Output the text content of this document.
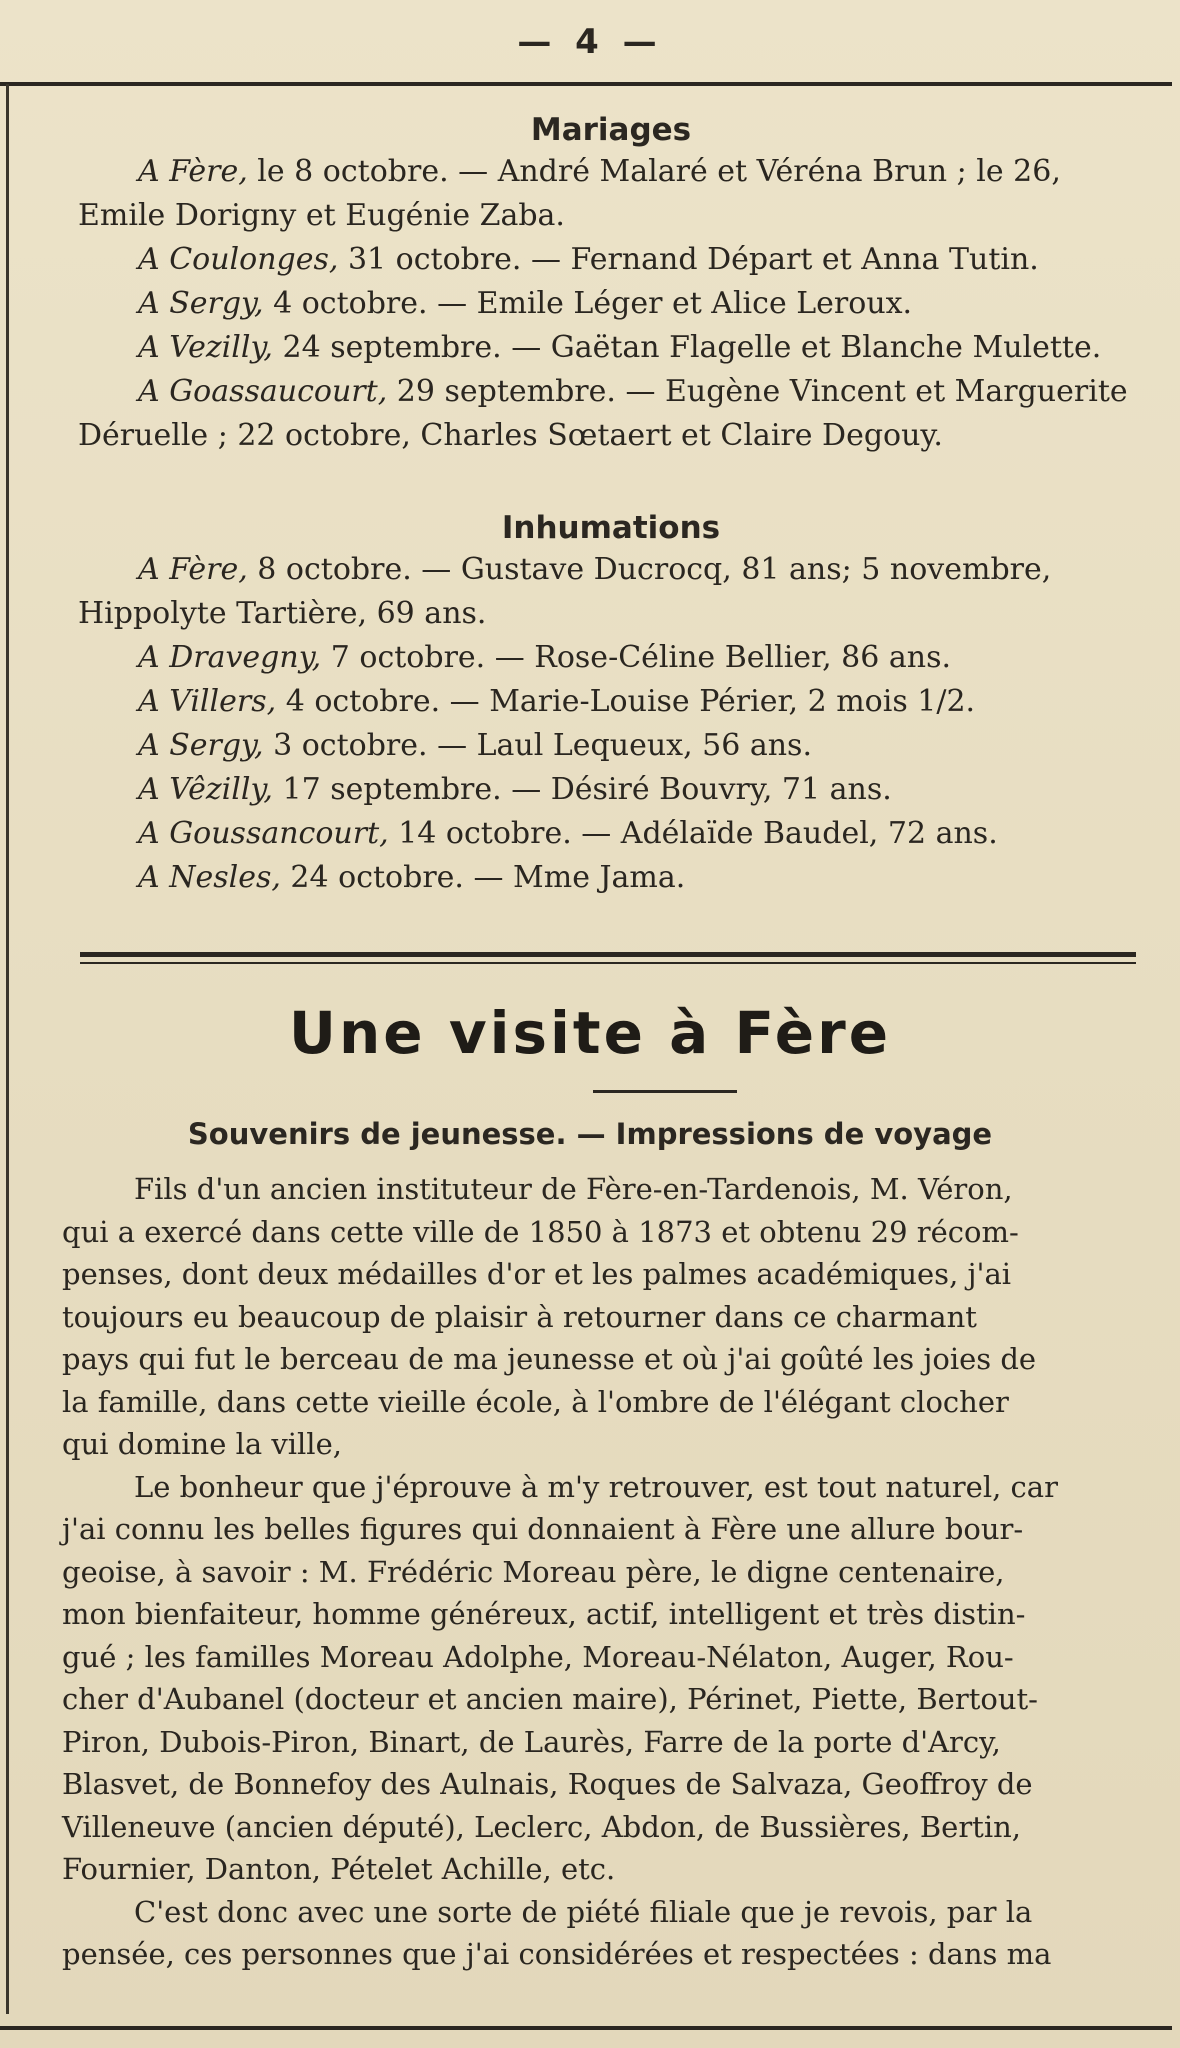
— 4 —
Mariages
A Fère, le 8 octobre. — André Malaré et Véréna Brun ; le 26,
Emile Dorigny et Eugénie Zaba.
A Coulonges, 31 octobre. — Fernand Départ et Anna Tutin.
A Sergy, 4 octobre. — Emile Léger et Alice Leroux.
A Vezilly, 24 septembre. — Gaëtan Flagelle et Blanche Mulette.
A Goassaucourt, 29 septembre. — Eugène Vincent et Marguerite
Déruelle ; 22 octobre, Charles Sœtaert et Claire Degouy.
Inhumations
A Fère, 8 octobre. — Gustave Ducrocq, 81 ans; 5 novembre,
Hippolyte Tartière, 69 ans.
A Dravegny, 7 octobre. — Rose-Céline Bellier, 86 ans.
A Villers, 4 octobre. — Marie-Louise Périer, 2 mois 1/2.
A Sergy, 3 octobre. — Laul Lequeux, 56 ans.
A Vêzilly, 17 septembre. — Désiré Bouvry, 71 ans.
A Goussancourt, 14 octobre. — Adélaïde Baudel, 72 ans.
A Nesles, 24 octobre. — Mme Jama.
Une visite à Fère
Souvenirs de jeunesse. — Impressions de voyage
Fils d'un ancien instituteur de Fère-en-Tardenois, M. Véron,
qui a exercé dans cette ville de 1850 à 1873 et obtenu 29 récom-
penses, dont deux médailles d'or et les palmes académiques, j'ai
toujours eu beaucoup de plaisir à retourner dans ce charmant
pays qui fut le berceau de ma jeunesse et où j'ai goûté les joies de
la famille, dans cette vieille école, à l'ombre de l'élégant clocher
qui domine la ville,
Le bonheur que j'éprouve à m'y retrouver, est tout naturel, car
j'ai connu les belles figures qui donnaient à Fère une allure bour-
geoise, à savoir : M. Frédéric Moreau père, le digne centenaire,
mon bienfaiteur, homme généreux, actif, intelligent et très distin-
gué ; les familles Moreau Adolphe, Moreau-Nélaton, Auger, Rou-
cher d'Aubanel (docteur et ancien maire), Périnet, Piette, Bertout-
Piron, Dubois-Piron, Binart, de Laurès, Farre de la porte d'Arcy,
Blasvet, de Bonnefoy des Aulnais, Roques de Salvaza, Geoffroy de
Villeneuve (ancien député), Leclerc, Abdon, de Bussières, Bertin,
Fournier, Danton, Pételet Achille, etc.
C'est donc avec une sorte de piété filiale que je revois, par la
pensée, ces personnes que j'ai considérées et respectées : dans ma
